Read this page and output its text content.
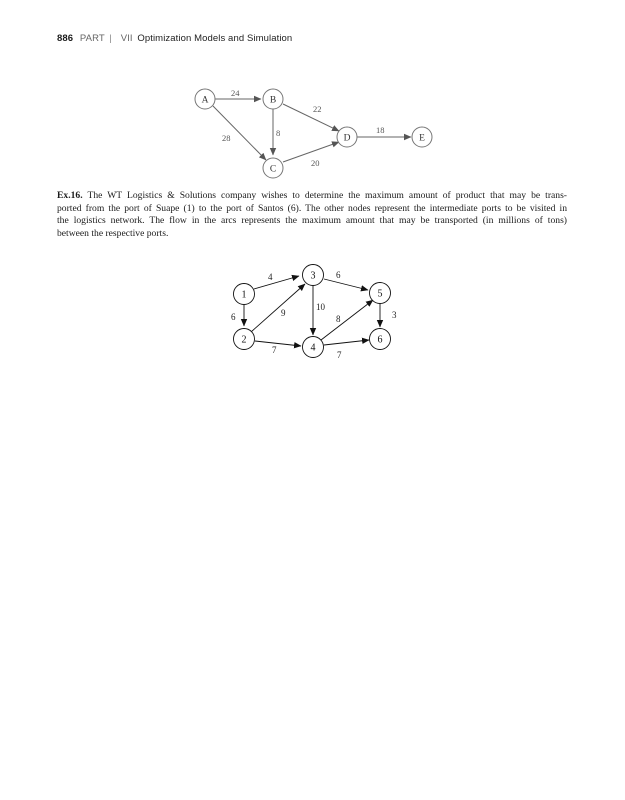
886 PART | VII Optimization Models and Simulation
24
28	8
22
20
18
A	B
C
D	E
4
6	9
7
10
6
8
7
3
1
2
3
4
5
6
Ex.16. The WT Logistics & Solutions company wishes to determine the maximum amount of product that may be trans-
ported from the port of Suape (1) to the port of Santos (6). The other nodes represent the intermediate ports to be visited in
the logistics network. The flow in the arcs represents the maximum amount that may be transported (in millions of tons)
between the respective ports.
